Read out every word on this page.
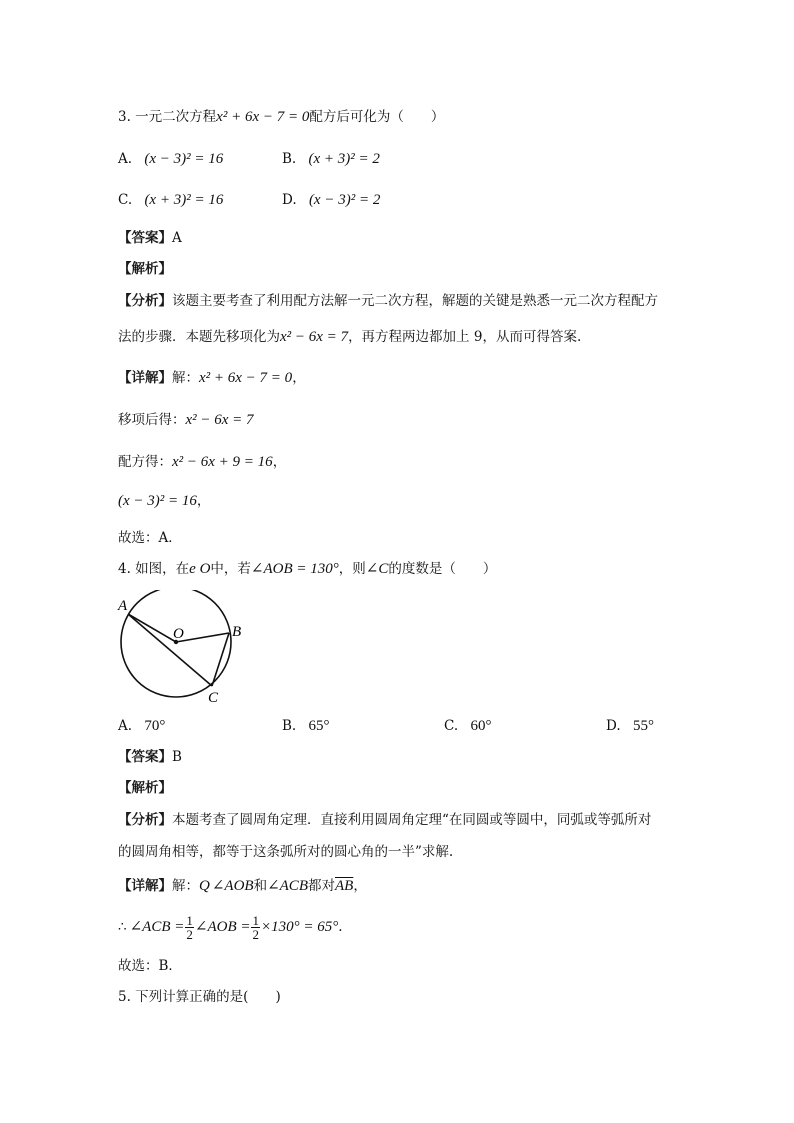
3. 一元二次方程x² + 6x − 7 = 0配方后可化为（　　）
A. (x − 3)² = 16	B. (x + 3)² = 2
C. (x + 3)² = 16	D. (x − 3)² = 2
【答案】A
【解析】
【分析】该题主要考查了利用配方法解一元二次方程，解题的关键是熟悉一元二次方程配方
法的步骤．本题先移项化为x² − 6x = 7，再方程两边都加上 9，从而可得答案.
【详解】解：x² + 6x − 7 = 0，
移项后得：x² − 6x = 7
配方得：x² − 6x + 9 = 16，
(x − 3)² = 16，
故选：A．
4. 如图，在e O中，若∠AOB = 130°，则∠C的度数是（　　）
A
O	B
C
A. 70°	B. 65°	C. 60°	D. 55°
【答案】B
【解析】
【分析】本题考查了圆周角定理．直接利用圆周角定理“在同圆或等圆中，同弧或等弧所对
的圆周角相等，都等于这条弧所对的圆心角的一半”求解.
【详解】解：Q ∠AOB和∠ACB都对$\overline{AB}$，
∴ ∠ACB = $\frac{1}{2}$ ∠AOB = $\frac{1}{2} \times 130^\circ = 65^\circ$.
故选：B．
5. 下列计算正确的是(　　)
